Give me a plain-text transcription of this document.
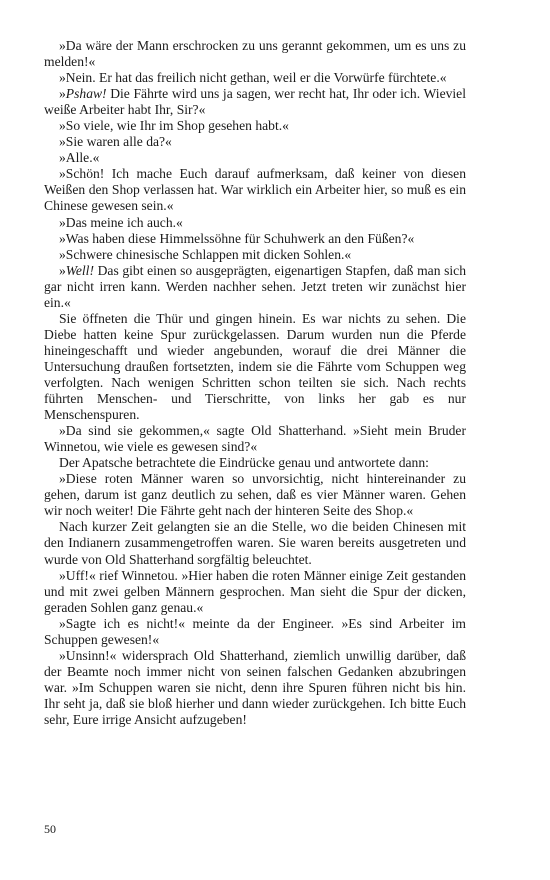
»Da wäre der Mann erschrocken zu uns gerannt gekommen, um es uns zu melden!«

»Nein. Er hat das freilich nicht gethan, weil er die Vorwürfe fürchtete.«

»Pshaw! Die Fährte wird uns ja sagen, wer recht hat, Ihr oder ich. Wieviel weiße Arbeiter habt Ihr, Sir?«

»So viele, wie Ihr im Shop gesehen habt.«

»Sie waren alle da?«

»Alle.«

»Schön! Ich mache Euch darauf aufmerksam, daß keiner von diesen Weißen den Shop verlassen hat. War wirklich ein Arbeiter hier, so muß es ein Chinese gewesen sein.«

»Das meine ich auch.«

»Was haben diese Himmelssöhne für Schuhwerk an den Füßen?«

»Schwere chinesische Schlappen mit dicken Sohlen.«

»Well! Das gibt einen so ausgeprägten, eigenartigen Stapfen, daß man sich gar nicht irren kann. Werden nachher sehen. Jetzt treten wir zunächst hier ein.«

Sie öffneten die Thür und gingen hinein. Es war nichts zu sehen. Die Diebe hatten keine Spur zurückgelassen. Darum wurden nun die Pferde hineingeschafft und wieder angebunden, worauf die drei Männer die Untersuchung draußen fortsetzten, indem sie die Fährte vom Schuppen weg verfolgten. Nach wenigen Schritten schon teilten sie sich. Nach rechts führten Menschen- und Tierschritte, von links her gab es nur Menschenspuren.

»Da sind sie gekommen,« sagte Old Shatterhand. »Sieht mein Bruder Winnetou, wie viele es gewesen sind?«

Der Apatsche betrachtete die Eindrücke genau und antwortete dann:

»Diese roten Männer waren so unvorsichtig, nicht hintereinander zu gehen, darum ist ganz deutlich zu sehen, daß es vier Männer waren. Gehen wir noch weiter! Die Fährte geht nach der hinteren Seite des Shop.«

Nach kurzer Zeit gelangten sie an die Stelle, wo die beiden Chinesen mit den Indianern zusammengetroffen waren. Sie waren bereits ausgetreten und wurde von Old Shatterhand sorgfältig beleuchtet.

»Uff!« rief Winnetou. »Hier haben die roten Männer einige Zeit gestanden und mit zwei gelben Männern gesprochen. Man sieht die Spur der dicken, geraden Sohlen ganz genau.«

»Sagte ich es nicht!« meinte da der Engineer. »Es sind Arbeiter im Schuppen gewesen!«

»Unsinn!« widersprach Old Shatterhand, ziemlich unwillig darüber, daß der Beamte noch immer nicht von seinen falschen Gedanken abzubringen war. »Im Schuppen waren sie nicht, denn ihre Spuren führen nicht bis hin. Ihr seht ja, daß sie bloß hierher und dann wieder zurückgehen. Ich bitte Euch sehr, Eure irrige Ansicht aufzugeben!

50
